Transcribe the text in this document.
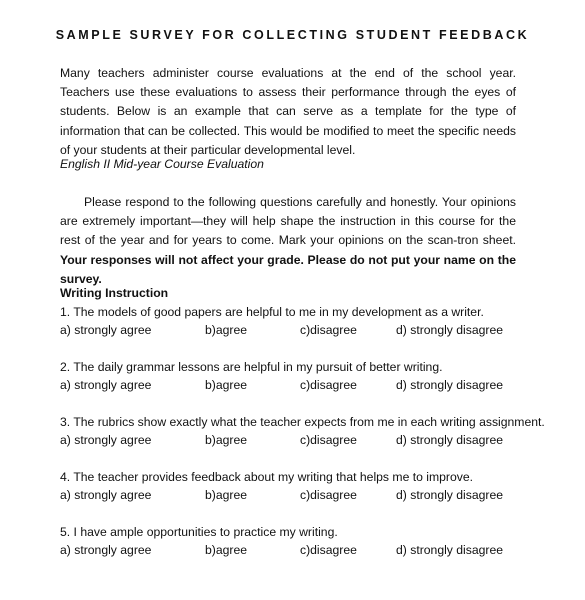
SAMPLE SURVEY FOR COLLECTING STUDENT FEEDBACK

Many teachers administer course evaluations at the end of the school year. Teachers use these evaluations to assess their performance through the eyes of students. Below is an example that can serve as a template for the type of information that can be collected. This would be modified to meet the specific needs of your students at their particular developmental level.

English II Mid-year Course Evaluation

Please respond to the following questions carefully and honestly. Your opinions are extremely important—they will help shape the instruction in this course for the rest of the year and for years to come. Mark your opinions on the scan-tron sheet. Your responses will not affect your grade. Please do not put your name on the survey.

Writing Instruction
1. The models of good papers are helpful to me in my development as a writer.
a) strongly agree	b)agree	c)disagree	d) strongly disagree
2. The daily grammar lessons are helpful in my pursuit of better writing.
a) strongly agree	b)agree	c)disagree	d) strongly disagree
3. The rubrics show exactly what the teacher expects from me in each writing assignment.
a) strongly agree	b)agree	c)disagree	d) strongly disagree
4. The teacher provides feedback about my writing that helps me to improve.
a) strongly agree	b)agree	c)disagree	d) strongly disagree
5. I have ample opportunities to practice my writing.
a) strongly agree	b)agree	c)disagree	d) strongly disagree
